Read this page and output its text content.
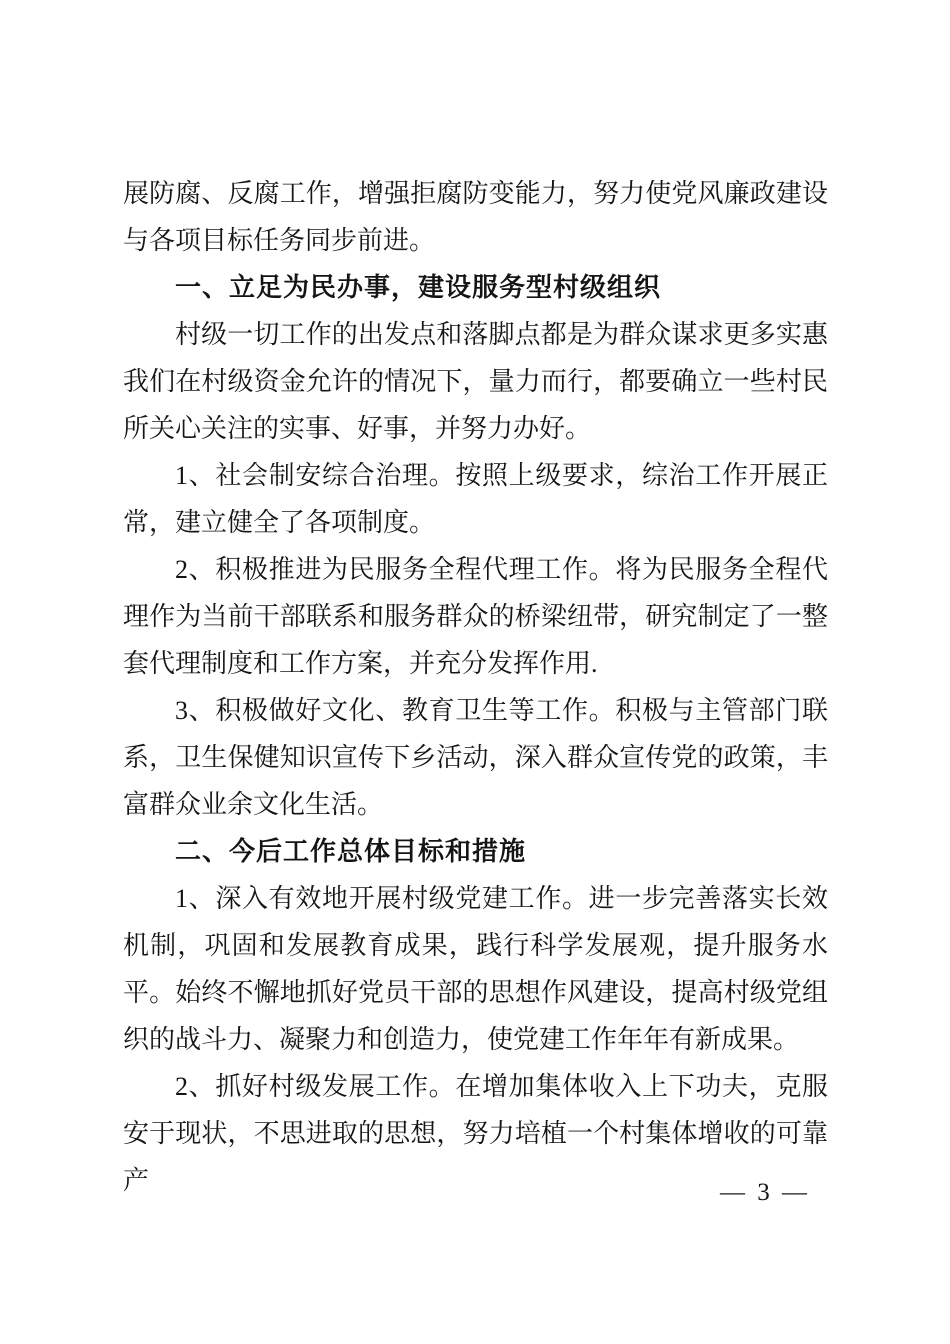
展防腐、反腐工作，增强拒腐防变能力，努力使党风廉政建设与各项目标任务同步前进。

一、立足为民办事，建设服务型村级组织

村级一切工作的出发点和落脚点都是为群众谋求更多实惠我们在村级资金允许的情况下，量力而行，都要确立一些村民所关心关注的实事、好事，并努力办好。

1、社会制安综合治理。按照上级要求，综治工作开展正常，建立健全了各项制度。

2、积极推进为民服务全程代理工作。将为民服务全程代理作为当前干部联系和服务群众的桥梁纽带，研究制定了一整套代理制度和工作方案，并充分发挥作用.

3、积极做好文化、教育卫生等工作。积极与主管部门联系，卫生保健知识宣传下乡活动，深入群众宣传党的政策，丰富群众业余文化生活。

二、今后工作总体目标和措施

1、深入有效地开展村级党建工作。进一步完善落实长效机制，巩固和发展教育成果，践行科学发展观，提升服务水平。始终不懈地抓好党员干部的思想作风建设，提高村级党组织的战斗力、凝聚力和创造力，使党建工作年年有新成果。

2、抓好村级发展工作。在增加集体收入上下功夫，克服安于现状，不思进取的思想，努力培植一个村集体增收的可靠产	— 3 —
